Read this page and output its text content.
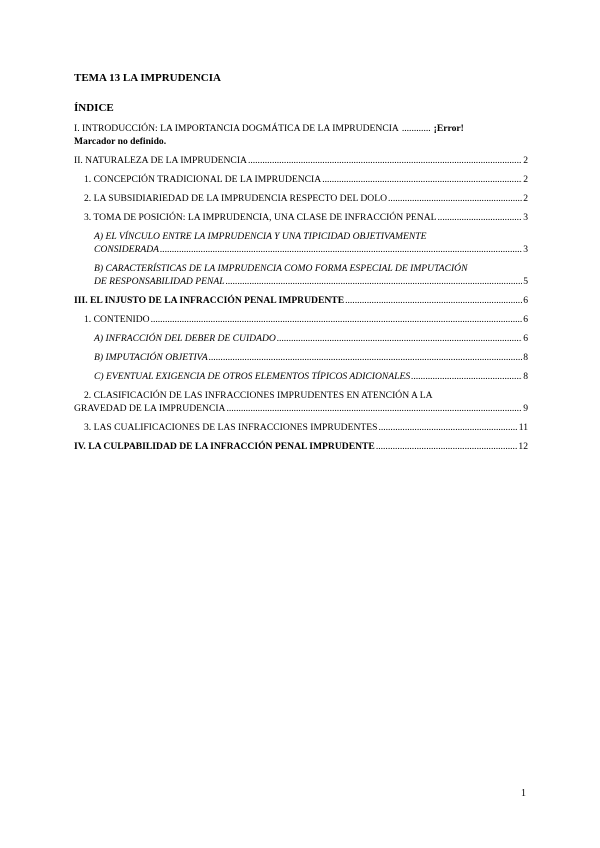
TEMA 13 LA IMPRUDENCIA
ÍNDICE
I. INTRODUCCIÓN: LA IMPORTANCIA DOGMÁTICA DE LA IMPRUDENCIA ............ ¡Error!
Marcador no definido.
II. NATURALEZA DE LA IMPRUDENCIA .....	2
1. CONCEPCIÓN TRADICIONAL DE LA IMPRUDENCIA .....	2
2. LA SUBSIDIARIEDAD DE LA IMPRUDENCIA RESPECTO DEL DOLO .....	2
3. TOMA DE POSICIÓN: LA IMPRUDENCIA, UNA CLASE DE INFRACCIÓN PENAL .....	3
A) EL VÍNCULO ENTRE LA IMPRUDENCIA Y UNA TIPICIDAD OBJETIVAMENTE
CONSIDERADA .....	3
B) CARACTERÍSTICAS DE LA IMPRUDENCIA COMO FORMA ESPECIAL DE IMPUTACIÓN
DE RESPONSABILIDAD PENAL .....	5
III. EL INJUSTO DE LA INFRACCIÓN PENAL IMPRUDENTE .....	6
1. CONTENIDO .....	6
A) INFRACCIÓN DEL DEBER DE CUIDADO .....	6
B) IMPUTACIÓN OBJETIVA .....	8
C) EVENTUAL EXIGENCIA DE OTROS ELEMENTOS TÍPICOS ADICIONALES .....	8
2. CLASIFICACIÓN DE LAS INFRACCIONES IMPRUDENTES EN ATENCIÓN A LA
GRAVEDAD DE LA IMPRUDENCIA .....	9
3. LAS CUALIFICACIONES DE LAS INFRACCIONES IMPRUDENTES .....	11
IV. LA CULPABILIDAD DE LA INFRACCIÓN PENAL IMPRUDENTE .....	12
1
